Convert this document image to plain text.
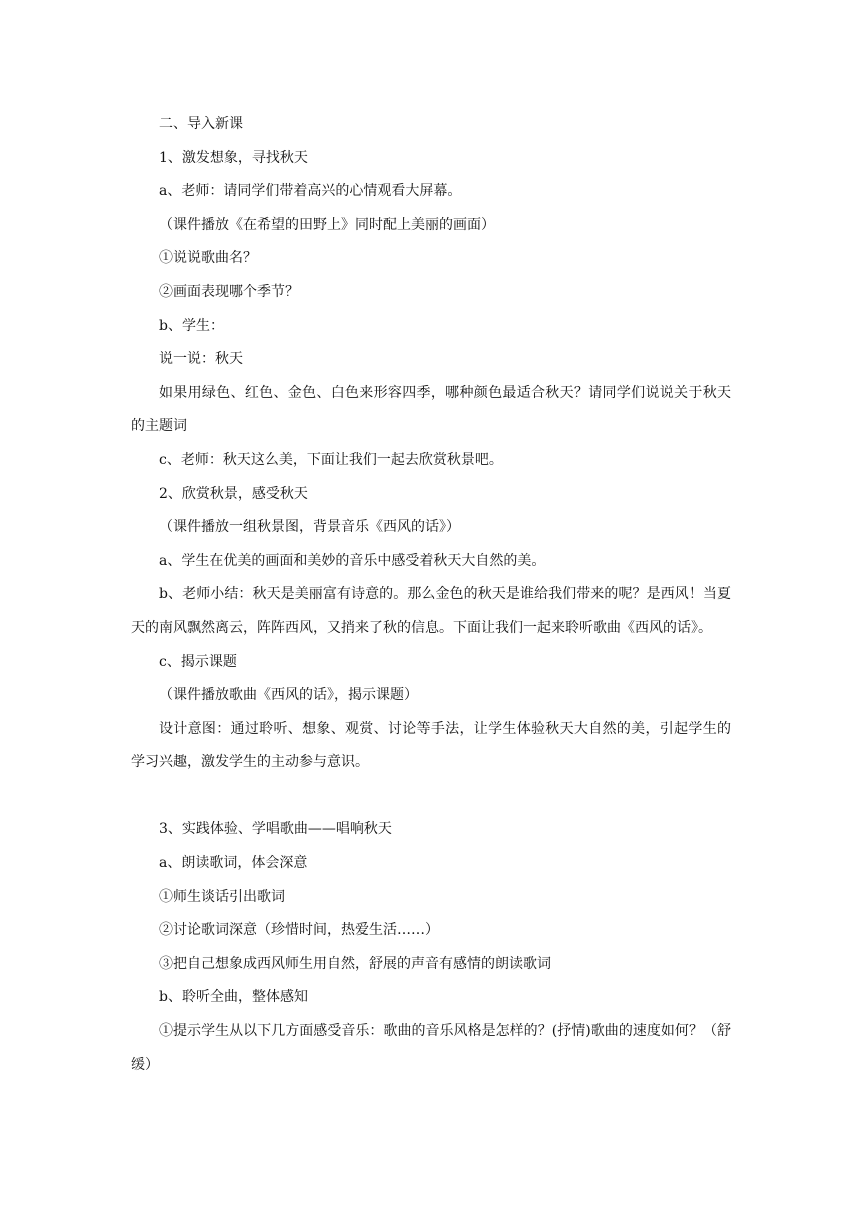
二、导入新课

1、激发想象，寻找秋天

a、老师：请同学们带着高兴的心情观看大屏幕。

（课件播放《在希望的田野上》同时配上美丽的画面）

①说说歌曲名？

②画面表现哪个季节？

b、学生：

说一说：秋天

如果用绿色、红色、金色、白色来形容四季，哪种颜色最适合秋天？请同学们说说关于秋天的主题词

c、老师：秋天这么美，下面让我们一起去欣赏秋景吧。

2、欣赏秋景，感受秋天

（课件播放一组秋景图，背景音乐《西风的话》）

a、学生在优美的画面和美妙的音乐中感受着秋天大自然的美。

b、老师小结：秋天是美丽富有诗意的。那么金色的秋天是谁给我们带来的呢？是西风！当夏天的南风飘然离云，阵阵西风，又捎来了秋的信息。下面让我们一起来聆听歌曲《西风的话》。

c、揭示课题

（课件播放歌曲《西风的话》，揭示课题）

设计意图：通过聆听、想象、观赏、讨论等手法，让学生体验秋天大自然的美，引起学生的学习兴趣，激发学生的主动参与意识。

3、实践体验、学唱歌曲——唱响秋天

a、朗读歌词，体会深意

①师生谈话引出歌词

②讨论歌词深意（珍惜时间，热爱生活……）

③把自己想象成西风师生用自然，舒展的声音有感情的朗读歌词

b、聆听全曲，整体感知

①提示学生从以下几方面感受音乐：歌曲的音乐风格是怎样的？(抒情)歌曲的速度如何？（舒缓）
